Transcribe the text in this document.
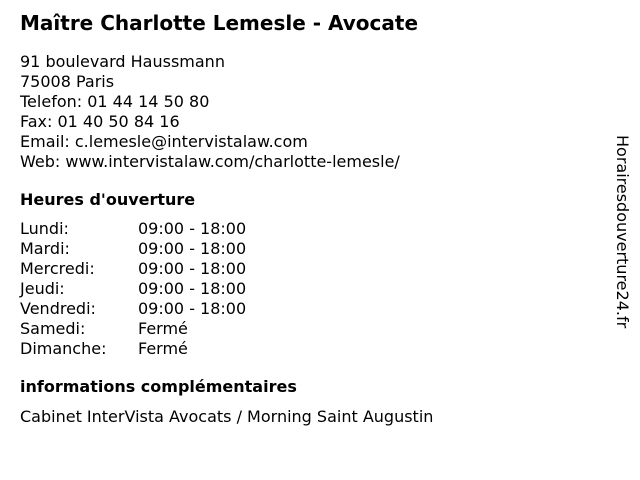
Maître Charlotte Lemesle - Avocate
91 boulevard Haussmann
75008 Paris
Telefon: 01 44 14 50 80
Fax: 01 40 50 84 16
Email: c.lemesle@intervistalaw.com
Web: www.intervistalaw.com/charlotte-lemesle/
Heures d'ouverture
Lundi:	09:00 - 18:00
Mardi:	09:00 - 18:00
Mercredi:	09:00 - 18:00
Jeudi:	09:00 - 18:00
Vendredi:	09:00 - 18:00
Samedi:	Fermé
Dimanche:	Fermé
informations complémentaires
Cabinet InterVista Avocats / Morning Saint Augustin
Horairesdouverture24.fr
